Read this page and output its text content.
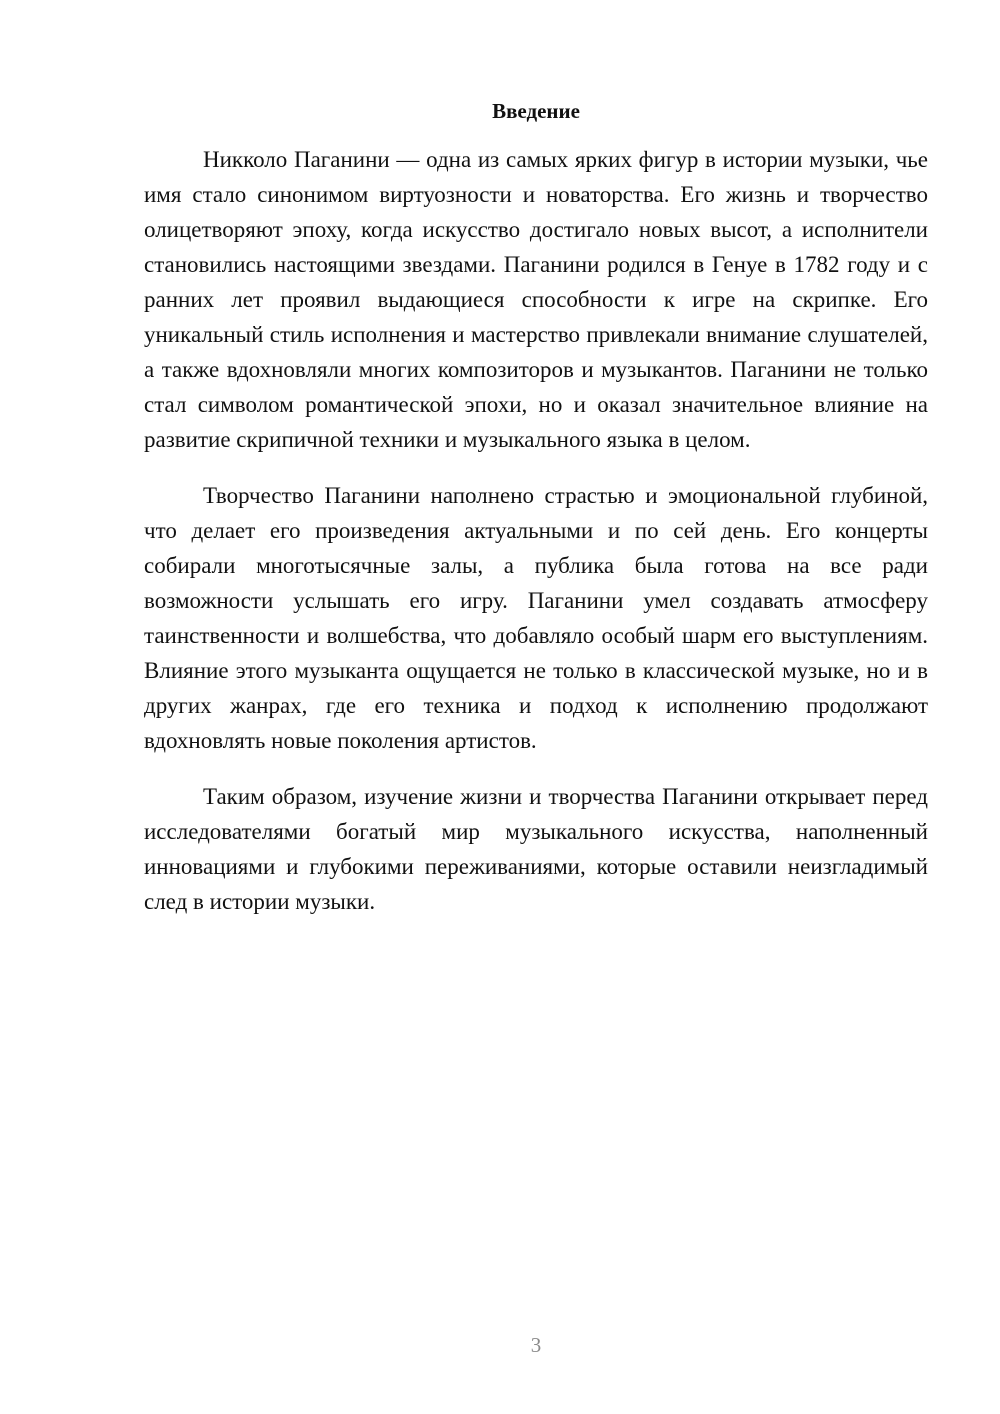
Введение

Никколо Паганини — одна из самых ярких фигур в истории музыки, чье имя стало синонимом виртуозности и новаторства. Его жизнь и творчество олицетворяют эпоху, когда искусство достигало новых высот, а исполнители становились настоящими звездами. Паганини родился в Генуе в 1782 году и с ранних лет проявил выдающиеся способности к игре на скрипке. Его уникальный стиль исполнения и мастерство привлекали внимание слушателей, а также вдохновляли многих композиторов и музыкантов. Паганини не только стал символом романтической эпохи, но и оказал значительное влияние на развитие скрипичной техники и музыкального языка в целом.

Творчество Паганини наполнено страстью и эмоциональной глубиной, что делает его произведения актуальными и по сей день. Его концерты собирали многотысячные залы, а публика была готова на все ради возможности услышать его игру. Паганини умел создавать атмосферу таинственности и волшебства, что добавляло особый шарм его выступлениям. Влияние этого музыканта ощущается не только в классической музыке, но и в других жанрах, где его техника и подход к исполнению продолжают вдохновлять новые поколения артистов.

Таким образом, изучение жизни и творчества Паганини открывает перед исследователями богатый мир музыкального искусства, наполненный инновациями и глубокими переживаниями, которые оставили неизгладимый след в истории музыки.

3
